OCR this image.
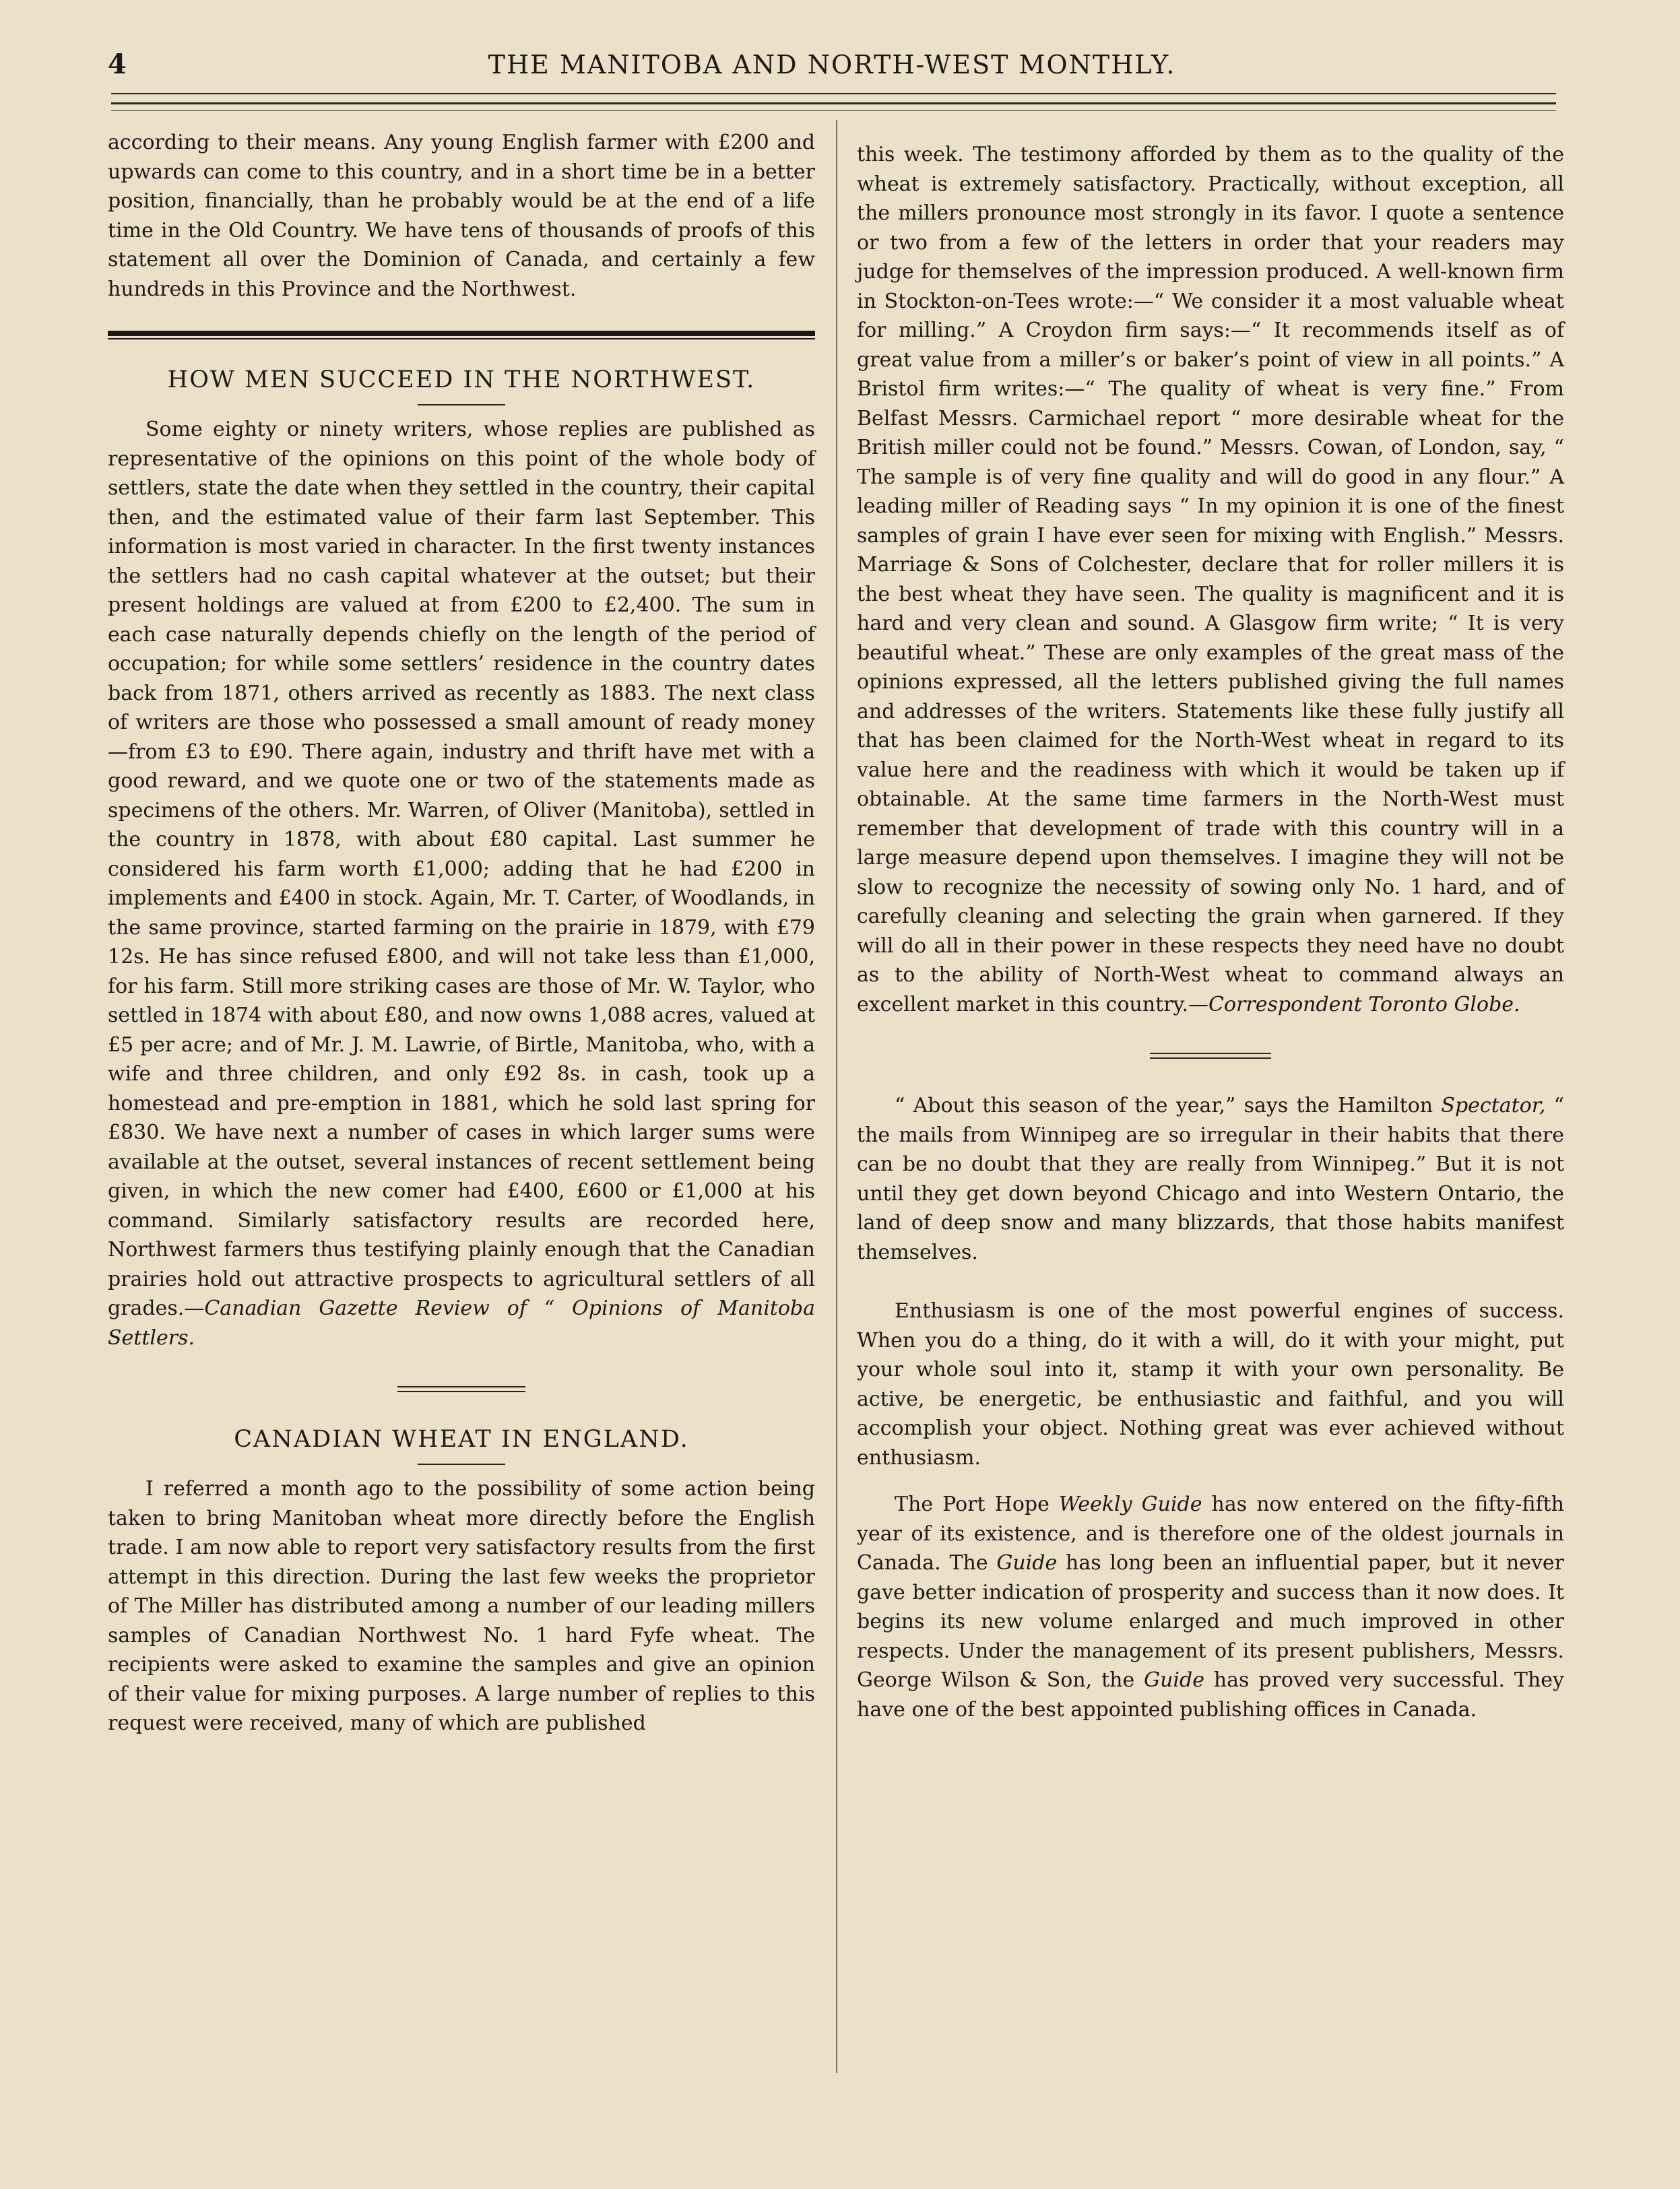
4	THE MANITOBA AND NORTH-WEST MONTHLY.

according to their means. Any young English farmer with £200 and upwards can come to this country, and in a short time be in a better position, financially, than he probably would be at the end of a life time in the Old Country. We have tens of thousands of proofs of this statement all over the Dominion of Canada, and certainly a few hundreds in this Province and the Northwest.

HOW MEN SUCCEED IN THE NORTHWEST.

Some eighty or ninety writers, whose replies are published as representative of the opinions on this point of the whole body of settlers, state the date when they settled in the country, their capital then, and the estimated value of their farm last September. This information is most varied in character. In the first twenty instances the settlers had no cash capital whatever at the outset; but their present holdings are valued at from £200 to £2,400. The sum in each case naturally depends chiefly on the length of the period of occupation; for while some settlers’ residence in the country dates back from 1871, others arrived as recently as 1883. The next class of writers are those who possessed a small amount of ready money—from £3 to £90. There again, industry and thrift have met with a good reward, and we quote one or two of the statements made as specimens of the others. Mr. Warren, of Oliver (Manitoba), settled in the country in 1878, with about £80 capital. Last summer he considered his farm worth £1,000; adding that he had £200 in implements and £400 in stock. Again, Mr. T. Carter, of Woodlands, in the same province, started farming on the prairie in 1879, with £79 12s. He has since refused £800, and will not take less than £1,000, for his farm. Still more striking cases are those of Mr. W. Taylor, who settled in 1874 with about £80, and now owns 1,088 acres, valued at £5 per acre; and of Mr. J. M. Lawrie, of Birtle, Manitoba, who, with a wife and three children, and only £92 8s. in cash, took up a homestead and pre-emption in 1881, which he sold last spring for £830. We have next a number of cases in which larger sums were available at the outset, several instances of recent settlement being given, in which the new comer had £400, £600 or £1,000 at his command. Similarly satisfactory results are recorded here, Northwest farmers thus testifying plainly enough that the Canadian prairies hold out attractive prospects to agricultural settlers of all grades.—Canadian Gazette Review of “ Opinions of Manitoba Settlers.

CANADIAN WHEAT IN ENGLAND.

I referred a month ago to the possibility of some action being taken to bring Manitoban wheat more directly before the English trade. I am now able to report very satisfactory results from the first attempt in this direction. During the last few weeks the proprietor of The Miller has distributed among a number of our leading millers samples of Canadian Northwest No. 1 hard Fyfe wheat. The recipients were asked to examine the samples and give an opinion of their value for mixing purposes. A large number of replies to this request were received, many of which are published

this week. The testimony afforded by them as to the quality of the wheat is extremely satisfactory. Practically, without exception, all the millers pronounce most strongly in its favor. I quote a sentence or two from a few of the letters in order that your readers may judge for themselves of the impression produced. A well-known firm in Stockton-on-Tees wrote:—“ We consider it a most valuable wheat for milling.” A Croydon firm says:—“ It recommends itself as of great value from a miller’s or baker’s point of view in all points.” A Bristol firm writes:—“ The quality of wheat is very fine.” From Belfast Messrs. Carmichael report “ more desirable wheat for the British miller could not be found.” Messrs. Cowan, of London, say, “ The sample is of very fine quality and will do good in any flour.” A leading miller of Reading says “ In my opinion it is one of the finest samples of grain I have ever seen for mixing with English.” Messrs. Marriage & Sons of Colchester, declare that for roller millers it is the best wheat they have seen. The quality is magnificent and it is hard and very clean and sound. A Glasgow firm write; “ It is very beautiful wheat.” These are only examples of the great mass of the opinions expressed, all the letters published giving the full names and addresses of the writers. Statements like these fully justify all that has been claimed for the North-West wheat in regard to its value here and the readiness with which it would be taken up if obtainable. At the same time farmers in the North-West must remember that development of trade with this country will in a large measure depend upon themselves. I imagine they will not be slow to recognize the necessity of sowing only No. 1 hard, and of carefully cleaning and selecting the grain when garnered. If they will do all in their power in these respects they need have no doubt as to the ability of North-West wheat to command always an excellent market in this country.—Correspondent Toronto Globe.

“ About this season of the year,” says the Hamilton Spectator, “ the mails from Winnipeg are so irregular in their habits that there can be no doubt that they are really from Winnipeg.” But it is not until they get down beyond Chicago and into Western Ontario, the land of deep snow and many blizzards, that those habits manifest themselves.

Enthusiasm is one of the most powerful engines of success. When you do a thing, do it with a will, do it with your might, put your whole soul into it, stamp it with your own personality. Be active, be energetic, be enthusiastic and faithful, and you will accomplish your object. Nothing great was ever achieved without enthusiasm.

The Port Hope Weekly Guide has now entered on the fifty-fifth year of its existence, and is therefore one of the oldest journals in Canada. The Guide has long been an influential paper, but it never gave better indication of prosperity and success than it now does. It begins its new volume enlarged and much improved in other respects. Under the management of its present publishers, Messrs. George Wilson & Son, the Guide has proved very successful. They have one of the best appointed publishing offices in Canada.
